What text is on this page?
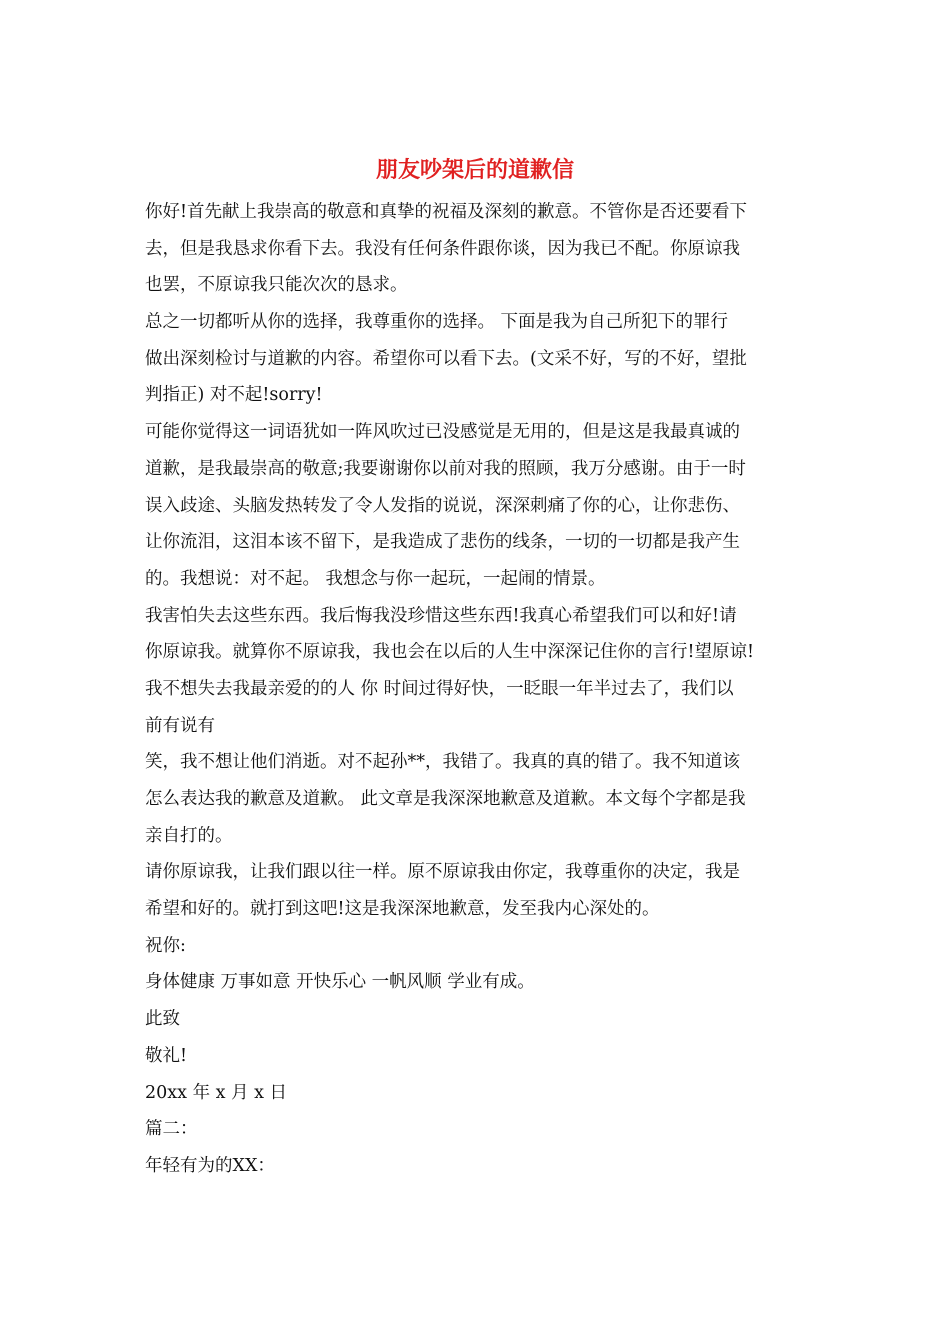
朋友吵架后的道歉信
你好!首先献上我崇高的敬意和真挚的祝福及深刻的歉意。不管你是否还要看下
去，但是我恳求你看下去。我没有任何条件跟你谈，因为我已不配。你原谅我
也罢，不原谅我只能次次的恳求。
总之一切都听从你的选择，我尊重你的选择。 下面是我为自己所犯下的罪行
做出深刻检讨与道歉的内容。希望你可以看下去。(文采不好，写的不好，望批
判指正) 对不起!sorry!
可能你觉得这一词语犹如一阵风吹过已没感觉是无用的，但是这是我最真诚的
道歉，是我最崇高的敬意;我要谢谢你以前对我的照顾，我万分感谢。由于一时
误入歧途、头脑发热转发了令人发指的说说，深深刺痛了你的心，让你悲伤、
让你流泪，这泪本该不留下，是我造成了悲伤的线条，一切的一切都是我产生
的。我想说：对不起。 我想念与你一起玩，一起闹的情景。
我害怕失去这些东西。我后悔我没珍惜这些东西!我真心希望我们可以和好!请
你原谅我。就算你不原谅我，我也会在以后的人生中深深记住你的言行!望原谅!
我不想失去我最亲爱的的人 你 时间过得好快，一眨眼一年半过去了，我们以
前有说有
笑，我不想让他们消逝。对不起孙**，我错了。我真的真的错了。我不知道该
怎么表达我的歉意及道歉。 此文章是我深深地歉意及道歉。本文每个字都是我
亲自打的。
请你原谅我，让我们跟以往一样。原不原谅我由你定，我尊重你的决定，我是
希望和好的。就打到这吧!这是我深深地歉意，发至我内心深处的。
祝你:
身体健康 万事如意 开快乐心 一帆风顺 学业有成。
此致
敬礼!
20xx 年 x 月 x 日
篇二：
年轻有为的XX：
